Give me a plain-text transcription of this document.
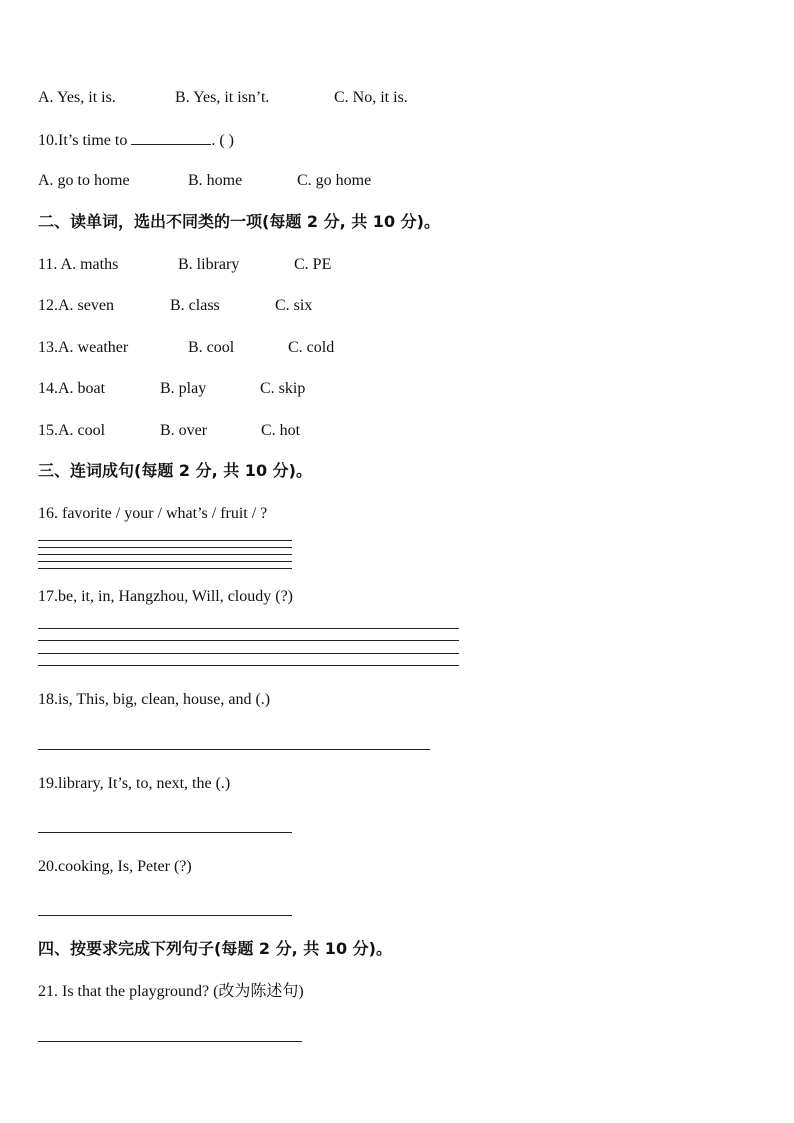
A. Yes, it is.	B. Yes, it isn’t.	C. No, it is.
10.It’s time to	. ( )
A. go to home	B. home	C. go home
二、读单词，选出不同类的一项(每题 2 分, 共 10 分)。
11. A. maths	B. library	C. PE
12.A. seven	B. class	C. six
13.A. weather	B. cool	C. cold
14.A. boat	B. play	C. skip
15.A. cool	B. over	C. hot
三、连词成句(每题 2 分, 共 10 分)。
16. favorite / your / what’s / fruit / ?
17.be, it, in, Hangzhou, Will, cloudy (?)
18.is, This, big, clean, house, and (.)
19.library, It’s, to, next, the (.)
20.cooking, Is, Peter (?)
四、按要求完成下列句子(每题 2 分, 共 10 分)。
21. Is that the playground? (改为陈述句)
